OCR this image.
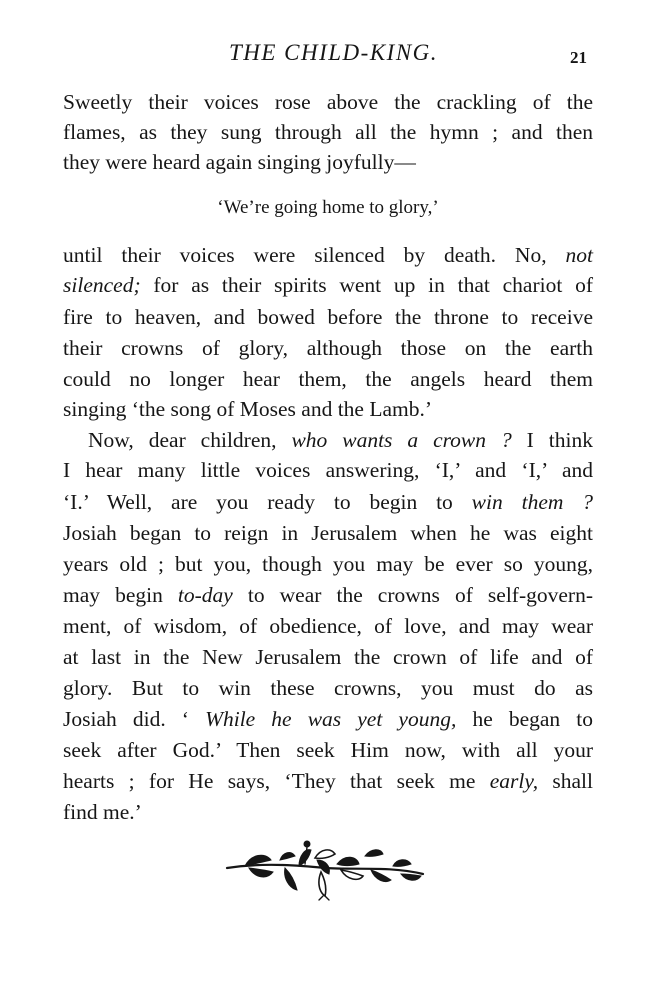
THE CHILD-KING.	21
Sweetly their voices rose above the crackling of the
flames, as they sung through all the hymn ; and then
they were heard again singing joyfully—
‘We’re going home to glory,’
until their voices were silenced by death. No, not
silenced; for as their spirits went up in that chariot of
fire to heaven, and bowed before the throne to receive
their crowns of glory, although those on the earth
could no longer hear them, the angels heard them
singing ‘the song of Moses and the Lamb.’
Now, dear children, who wants a crown ? I think
I hear many little voices answering, ‘I,’ and ‘I,’ and
‘I.’ Well, are you ready to begin to win them ?
Josiah began to reign in Jerusalem when he was eight
years old ; but you, though you may be ever so young,
may begin to-day to wear the crowns of self-govern-
ment, of wisdom, of obedience, of love, and may wear
at last in the New Jerusalem the crown of life and of
glory. But to win these crowns, you must do as
Josiah did. ‘ While he was yet young, he began to
seek after God.’ Then seek Him now, with all your
hearts ; for He says, ‘They that seek me early, shall
find me.’
